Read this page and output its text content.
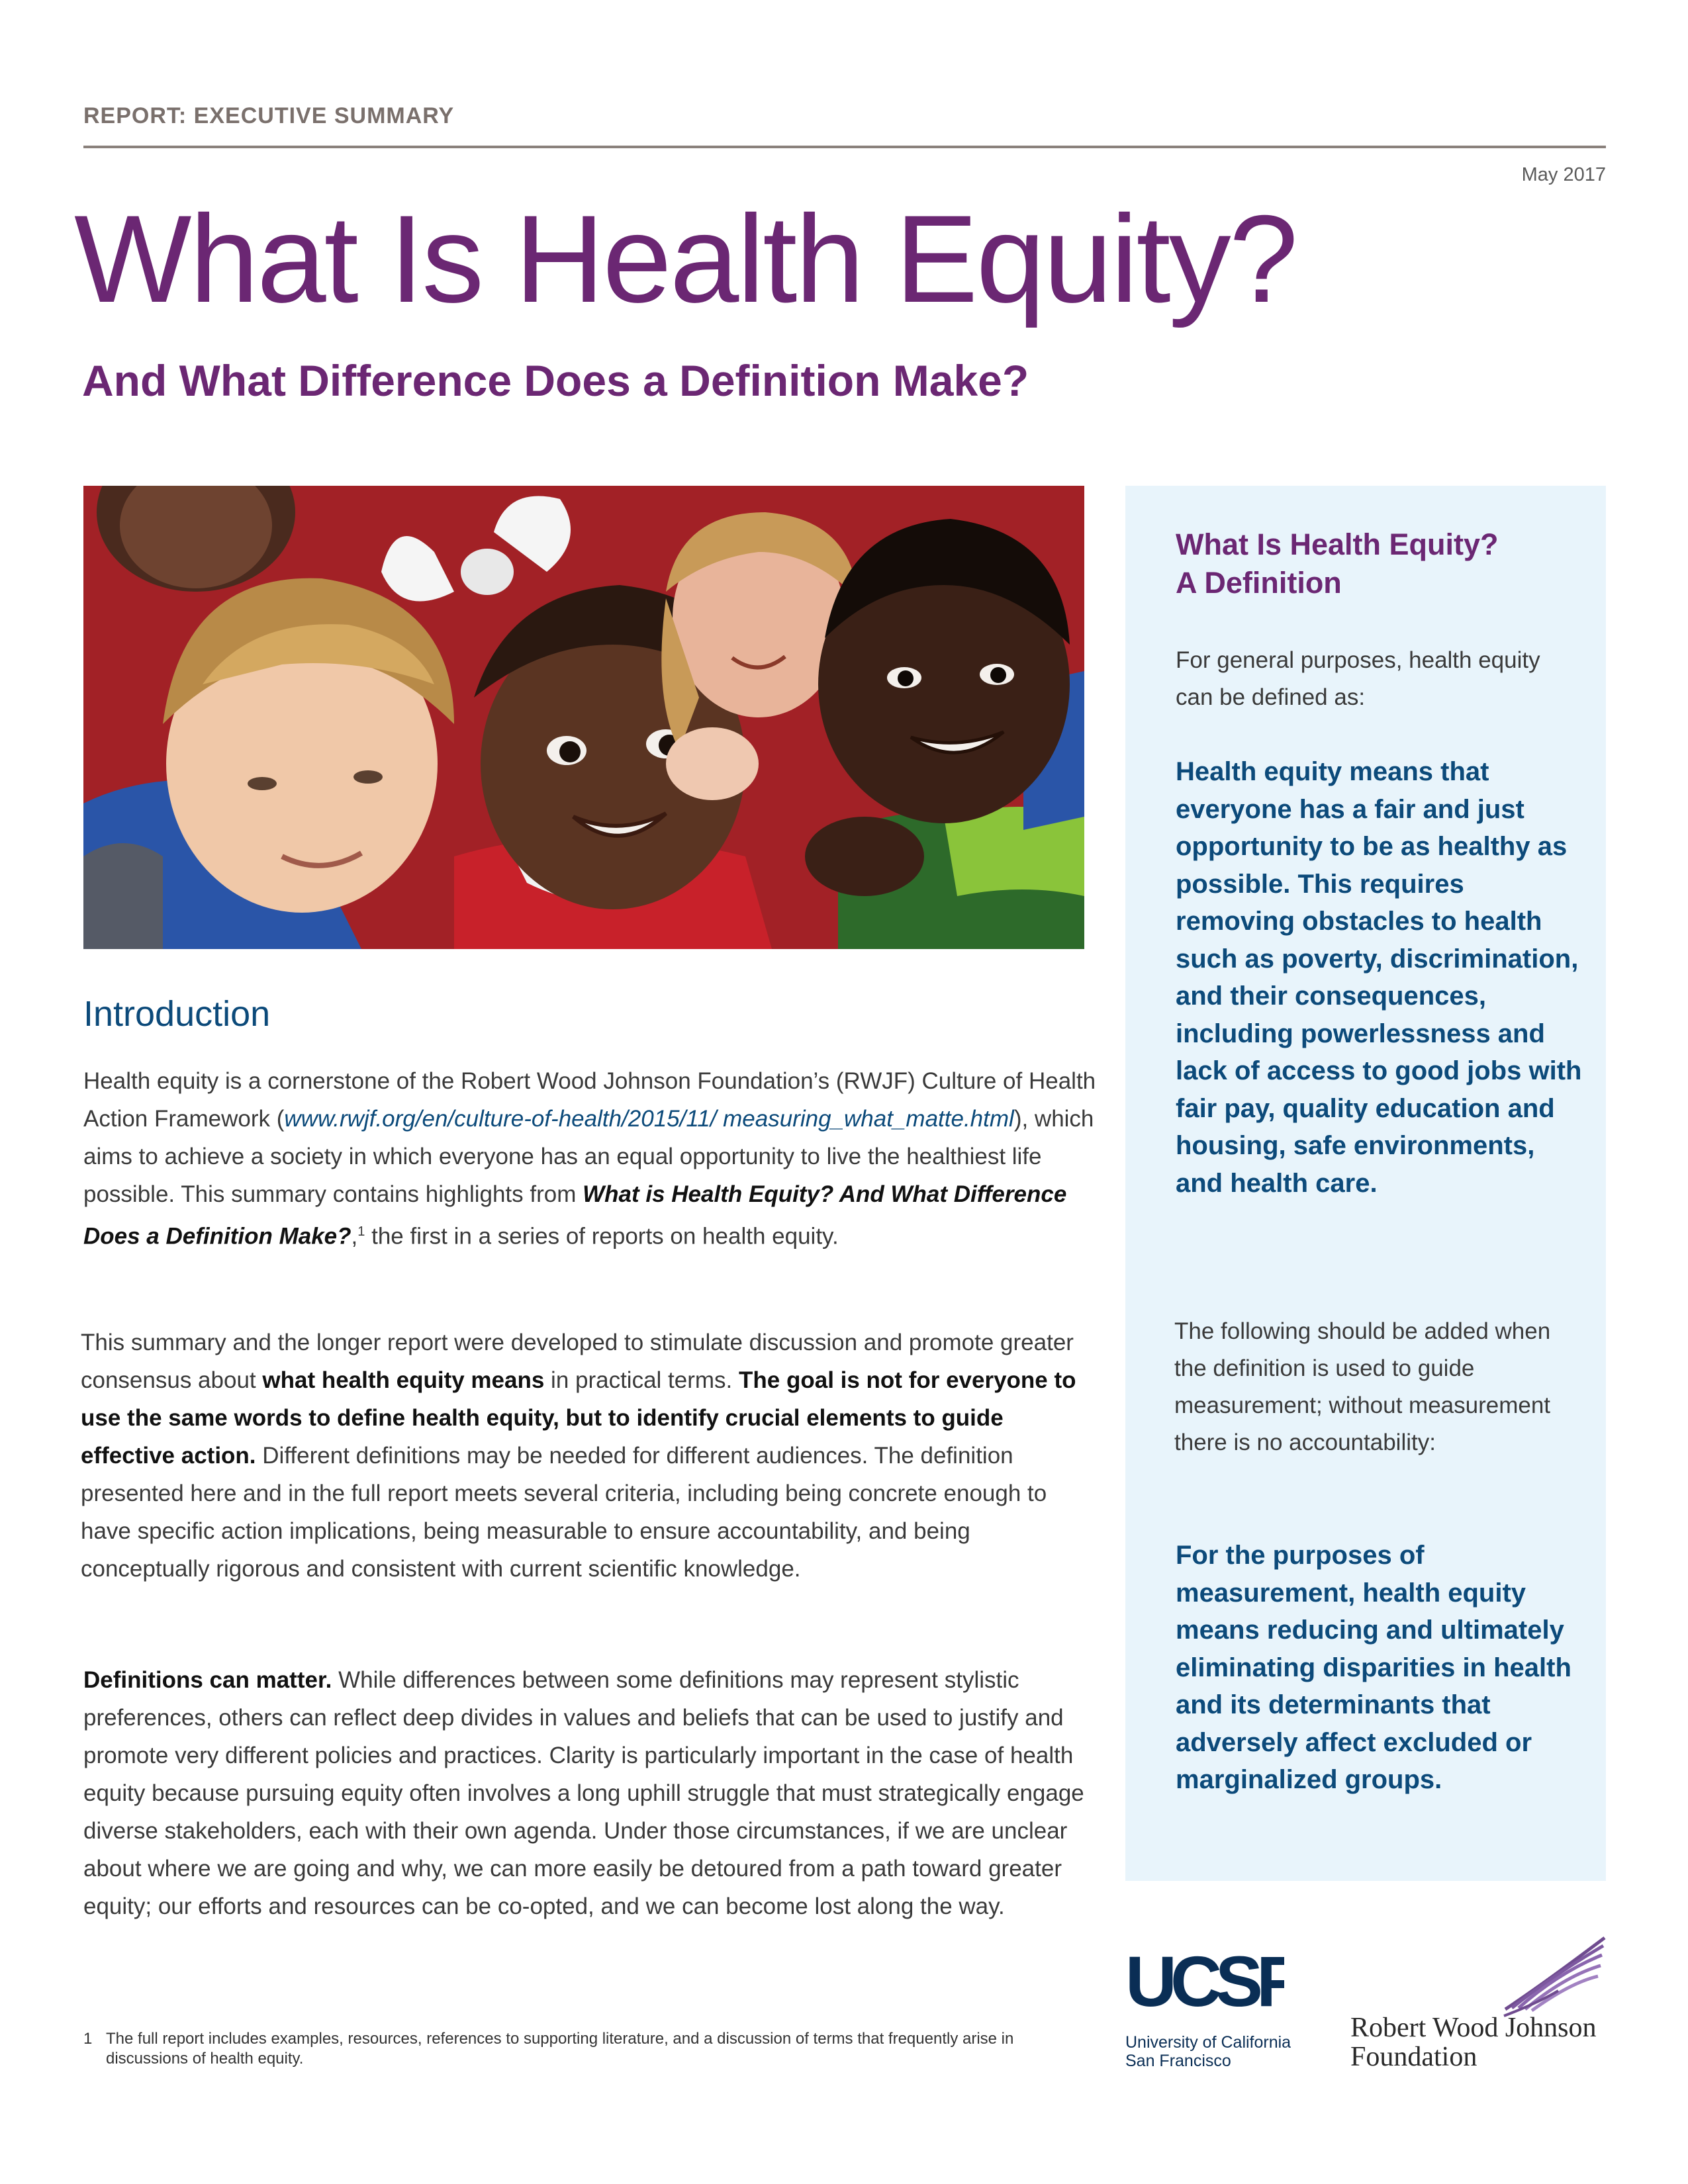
REPORT: EXECUTIVE SUMMARY
May 2017
What Is Health Equity?
And What Difference Does a Definition Make?
Introduction
Health equity is a cornerstone of the Robert Wood Johnson Foundation’s (RWJF) Culture of Health Action Framework (www.rwjf.org/en/culture-of-health/2015/11/ measuring_what_matte.html), which aims to achieve a society in which everyone has an equal opportunity to live the healthiest life possible. This summary contains highlights from What is Health Equity? And What Difference Does a Definition Make?,$^1$ the first in a series of reports on health equity.
This summary and the longer report were developed to stimulate discussion and promote greater consensus about what health equity means in practical terms. The goal is not for everyone to use the same words to define health equity, but to identify crucial elements to guide effective action. Different definitions may be needed for different audiences. The definition presented here and in the full report meets several criteria, including being concrete enough to have specific action implications, being measurable to ensure accountability, and being conceptually rigorous and consistent with current scientific knowledge.
Definitions can matter. While differences between some definitions may represent stylistic preferences, others can reflect deep divides in values and beliefs that can be used to justify and promote very different policies and practices. Clarity is particularly important in the case of health equity because pursuing equity often involves a long uphill struggle that must strategically engage diverse stakeholders, each with their own agenda. Under those circumstances, if we are unclear about where we are going and why, we can more easily be detoured from a path toward greater equity; our efforts and resources can be co-opted, and we can become lost along the way.
1 The full report includes examples, resources, references to supporting literature, and a discussion of terms that frequently arise in discussions of health equity.
What Is Health Equity?
A Definition
For general purposes, health equity can be defined as:
Health equity means that everyone has a fair and just opportunity to be as healthy as possible. This requires removing obstacles to health such as poverty, discrimination, and their consequences, including powerlessness and lack of access to good jobs with fair pay, quality education and housing, safe environments, and health care.
The following should be added when the definition is used to guide measurement; without measurement there is no accountability:
For the purposes of measurement, health equity means reducing and ultimately eliminating disparities in health and its determinants that adversely affect excluded or marginalized groups.
UCSF
University of California
San Francisco
Robert Wood Johnson
Foundation
